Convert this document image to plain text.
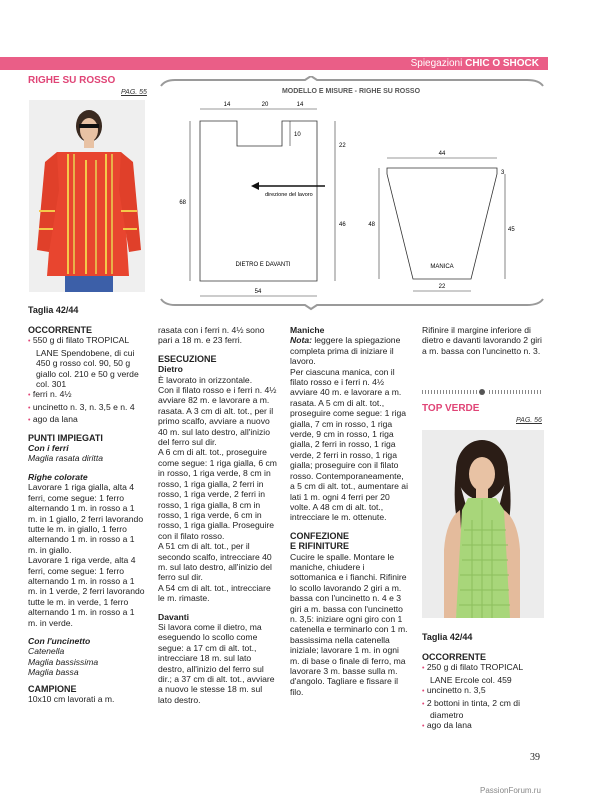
Spiegazioni CHIC O SHOCK
RIGHE SU ROSSO
PAG. 55
Taglia 42/44
MODELLO E MISURE - RIGHE SU ROSSO
14	20	14
10
22
68
46
54
direzione del lavoro
DIETRO E DAVANTI
44
3
48
45
MANICA
22

OCCORRENTE

• 550 g di filato TROPICAL LANE Spendobene, di cui 450 g rosso col. 90, 50 g giallo col. 210 e 50 g verde col. 301

• ferri n. 4½

• uncinetto n. 3, n. 3,5 e n. 4

• ago da lana

PUNTI IMPIEGATI

Con i ferri

Maglia rasata diritta

Righe colorate

Lavorare 1 riga gialla, alta 4 ferri, come segue: 1 ferro alternando 1 m. in rosso a 1 m. in 1 giallo, 2 ferri lavorando tutte le m. in giallo, 1 ferro alternando 1 m. in rosso a 1 m. in giallo.

Lavorare 1 riga verde, alta 4 ferri, come segue: 1 ferro alternando 1 m. in rosso a 1 m. in 1 verde, 2 ferri lavorando tutte le m. in verde, 1 ferro alternando 1 m. in rosso a 1 m. in verde.

Con l'uncinetto

Catenella

Maglia bassissima

Maglia bassa

CAMPIONE

10x10 cm lavorati a m.

rasata con i ferri n. 4½ sono pari a 18 m. e 23 ferri.

ESECUZIONE

Dietro

È lavorato in orizzontale.

Con il filato rosso e i ferri n. 4½ avviare 82 m. e lavorare a m. rasata. A 3 cm di alt. tot., per il primo scalfo, avviare a nuovo 40 m. sul lato destro, all'inizio del ferro sul dir.

A 6 cm di alt. tot., proseguire come segue: 1 riga gialla, 6 cm in rosso, 1 riga verde, 8 cm in rosso, 1 riga gialla, 2 ferri in rosso, 1 riga verde, 2 ferri in rosso, 1 riga gialla, 8 cm in rosso, 1 riga verde, 6 cm in rosso, 1 riga gialla. Proseguire con il filato rosso.

A 51 cm di alt. tot., per il secondo scalfo, intrecciare 40 m. sul lato destro, all'inizio del ferro sul dir.

A 54 cm di alt. tot., intrecciare le m. rimaste.

Davanti

Si lavora come il dietro, ma eseguendo lo scollo come segue: a 17 cm di alt. tot., intrecciare 18 m. sul lato destro, all'inizio del ferro sul dir.; a 37 cm di alt. tot., avviare a nuovo le stesse 18 m. sul lato destro.

Maniche

Nota: leggere la spiegazione completa prima di iniziare il lavoro.

Per ciascuna manica, con il filato rosso e i ferri n. 4½ avviare 40 m. e lavorare a m. rasata. A 5 cm di alt. tot., proseguire come segue: 1 riga gialla, 7 cm in rosso, 1 riga verde, 9 cm in rosso, 1 riga gialla, 2 ferri in rosso, 1 riga verde, 2 ferri in rosso, 1 riga gialla; proseguire con il filato rosso. Contemporaneamente, a 5 cm di alt. tot., aumentare ai lati 1 m. ogni 4 ferri per 20 volte. A 48 cm di alt. tot., intrecciare le m. ottenute.

CONFEZIONE

E RIFINITURE

Cucire le spalle. Montare le maniche, chiudere i sottomanica e i fianchi. Rifinire lo scollo lavorando 2 giri a m. bassa con l'uncinetto n. 4 e 3 giri a m. bassa con l'uncinetto n. 3,5: iniziare ogni giro con 1 catenella e terminarlo con 1 m. bassissima nella catenella iniziale; lavorare 1 m. in ogni m. di base o finale di ferro, ma lavorare 3 m. basse sulla m. d'angolo. Tagliare e fissare il filo.

Rifinire il margine inferiore di dietro e davanti lavorando 2 giri a m. bassa con l'uncinetto n. 3.

TOP VERDE
PAG. 56
Taglia 42/44

OCCORRENTE

• 250 g di filato TROPICAL LANE Ercole col. 459

• uncinetto n. 3,5

• 2 bottoni in tinta, 2 cm di diametro

• ago da lana

39
PassionForum.ru
